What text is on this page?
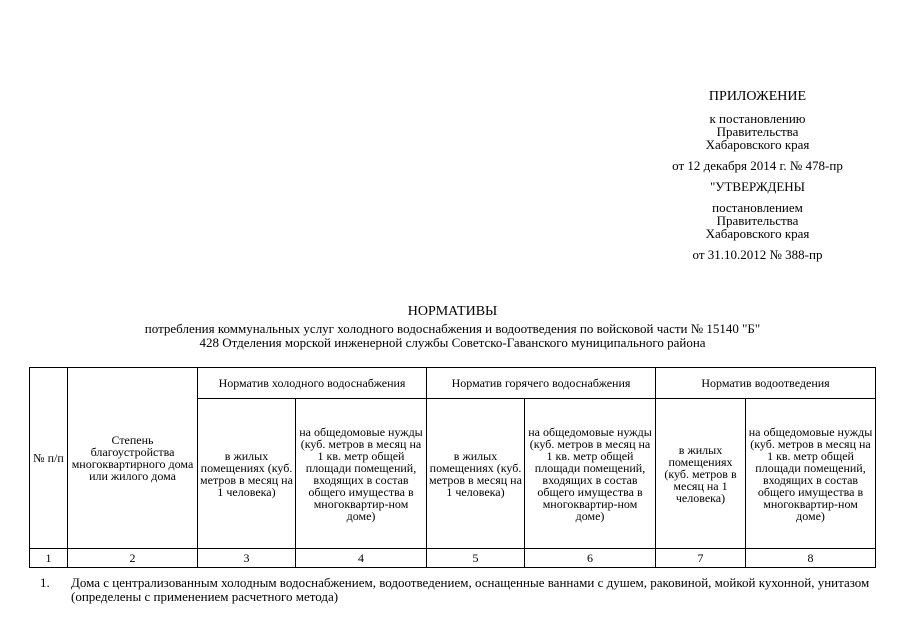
ПРИЛОЖЕНИЕ
к постановлению
Правительства
Хабаровского края
от 12 декабря 2014 г. № 478-пр
"УТВЕРЖДЕНЫ
постановлением
Правительства
Хабаровского края
от 31.10.2012 № 388-пр
НОРМАТИВЫ
потребления коммунальных услуг холодного водоснабжения и водоотведения по войсковой части № 15140 "Б"
428 Отделения морской инженерной службы Советско-Гаванского муниципального района
№ п/п	Степень благоустройства многоквартирного дома или жилого дома	Норматив холодного водоснабжения		Норматив горячего водоснабжения		Норматив водоотведения	
		в жилых помещениях (куб. метров в месяц на 1 человека)	на общедомовые нужды (куб. метров в месяц на 1 кв. метр общей площади помещений, входящих в состав общего имущества в многоквартир-ном доме)	в жилых помещениях (куб. метров в месяц на 1 человека)	на общедомовые нужды (куб. метров в месяц на 1 кв. метр общей площади помещений, входящих в состав общего имущества в многоквартир-ном доме)	в жилых помещениях (куб. метров в месяц на 1 человека)	на общедомовые нужды (куб. метров в месяц на 1 кв. метр общей площади помещений, входящих в состав общего имущества в многоквартир-ном доме)
1	2	3	4	5	6	7	8
1. Дома с централизованным холодным водоснабжением, водоотведением, оснащенные ваннами с душем, раковиной, мойкой кухонной, унитазом (определены с применением расчетного метода)
